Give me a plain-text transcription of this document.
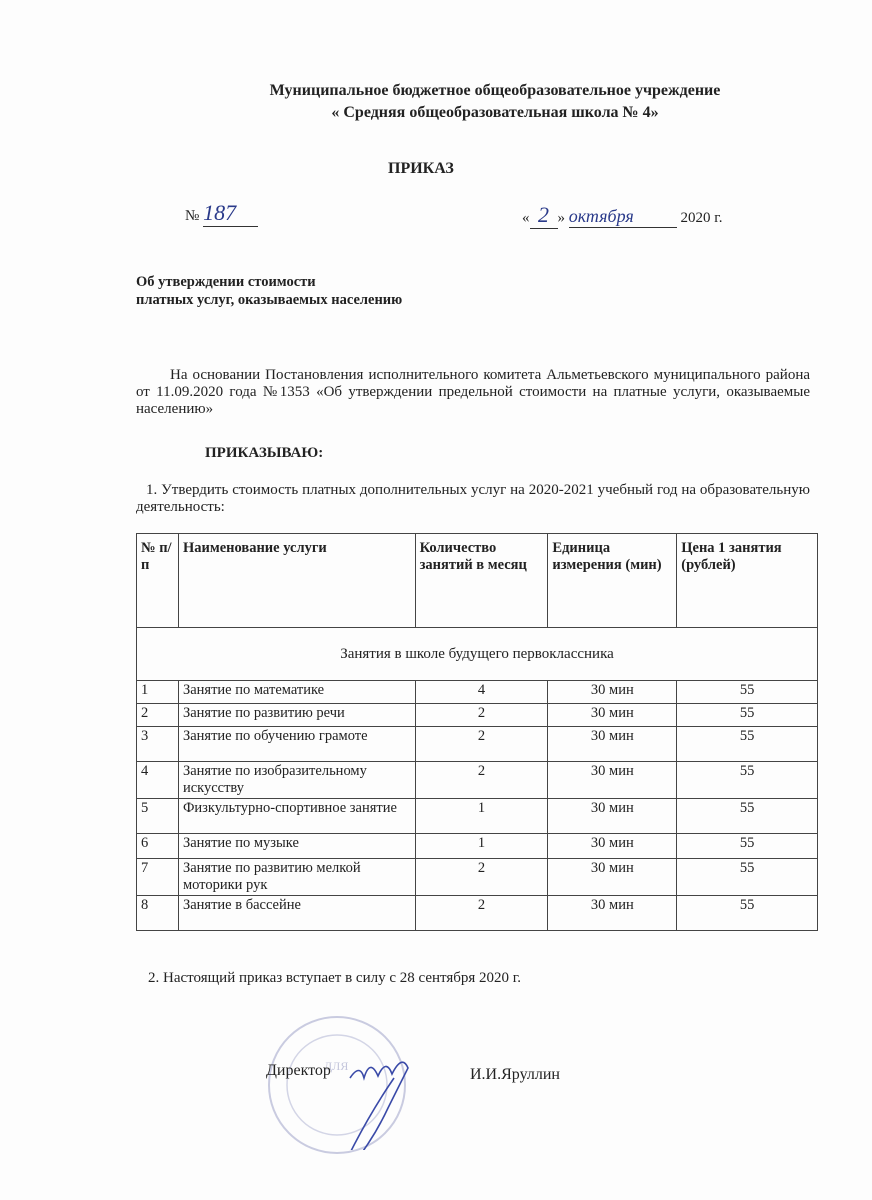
Муниципальное бюджетное общеобразовательное учреждение
« Средняя общеобразовательная школа № 4»
ПРИКАЗ
№ 187	« 2 » октября	2020 г.
Об утверждении стоимости
платных услуг, оказываемых населению
На основании Постановления исполнительного комитета Альметьевского муниципального района от 11.09.2020 года №1353 «Об утверждении предельной стоимости на платные услуги, оказываемые населению»
ПРИКАЗЫВАЮ:
1. Утвердить стоимость платных дополнительных услуг на 2020-2021 учебный год на образовательную деятельность:
№ п/п	Наименование услуги	Количество занятий в месяц	Единица измерения (мин)	Цена 1 занятия (рублей)
Занятия в школе будущего первоклассника				
1	Занятие по математике	4	30 мин	55
2	Занятие по развитию речи	2	30 мин	55
3	Занятие по обучению грамоте	2	30 мин	55
4	Занятие по изобразительному искусству	2	30 мин	55
5	Физкультурно-спортивное занятие	1	30 мин	55
6	Занятие по музыке	1	30 мин	55
7	Занятие по развитию мелкой моторики рук	2	30 мин	55
8	Занятие в бассейне	2	30 мин	55
2. Настоящий приказ вступает в силу с 28 сентября 2020 г.
ДЛЯ
Директор	И.И.Яруллин
